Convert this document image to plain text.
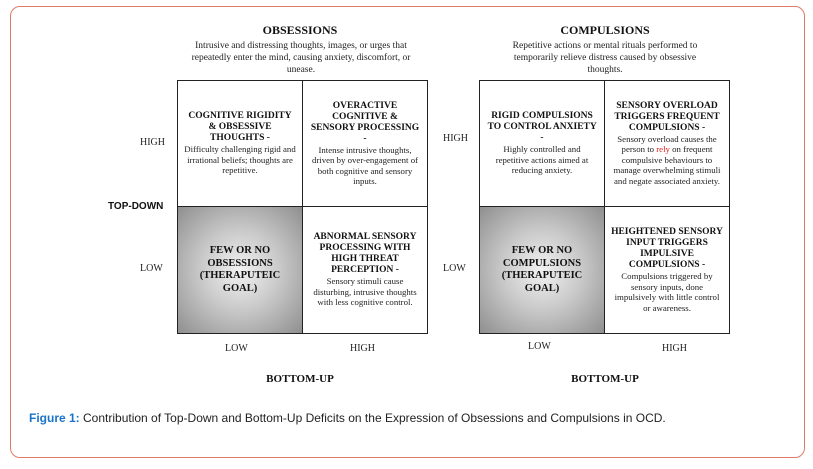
OBSESSIONS
Intrusive and distressing thoughts, images, or urges that repeatedly enter the mind, causing anxiety, discomfort, or unease.
COGNITIVE RIGIDITY & OBSESSIVE THOUGHTS -
Difficulty challenging rigid and irrational beliefs; thoughts are repetitive.
OVERACTIVE COGNITIVE & SENSORY PROCESSING -
Intense intrusive thoughts, driven by over-engagement of both cognitive and sensory inputs.
FEW OR NO OBSESSIONS (THERAPUTEIC GOAL)
ABNORMAL SENSORY PROCESSING WITH HIGH THREAT PERCEPTION -
Sensory stimuli cause disturbing, intrusive thoughts with less cognitive control.
HIGH
LOW
LOW	HIGH
BOTTOM-UP
TOP-DOWN
COMPULSIONS
Repetitive actions or mental rituals performed to temporarily relieve distress caused by obsessive thoughts.
RIGID COMPULSIONS TO CONTROL ANXIETY -
Highly controlled and repetitive actions aimed at reducing anxiety.
SENSORY OVERLOAD TRIGGERS FREQUENT COMPULSIONS -
Sensory overload causes the person to rely on frequent compulsive behaviours to manage overwhelming stimuli and negate associated anxiety.
FEW OR NO COMPULSIONS (THERAPUTEIC GOAL)
HEIGHTENED SENSORY INPUT TRIGGERS IMPULSIVE COMPULSIONS -
Compulsions triggered by sensory inputs, done impulsively with little control or awareness.
HIGH
LOW
LOW	HIGH
BOTTOM-UP
Figure 1: Contribution of Top-Down and Bottom-Up Deficits on the Expression of Obsessions and Compulsions in OCD.
